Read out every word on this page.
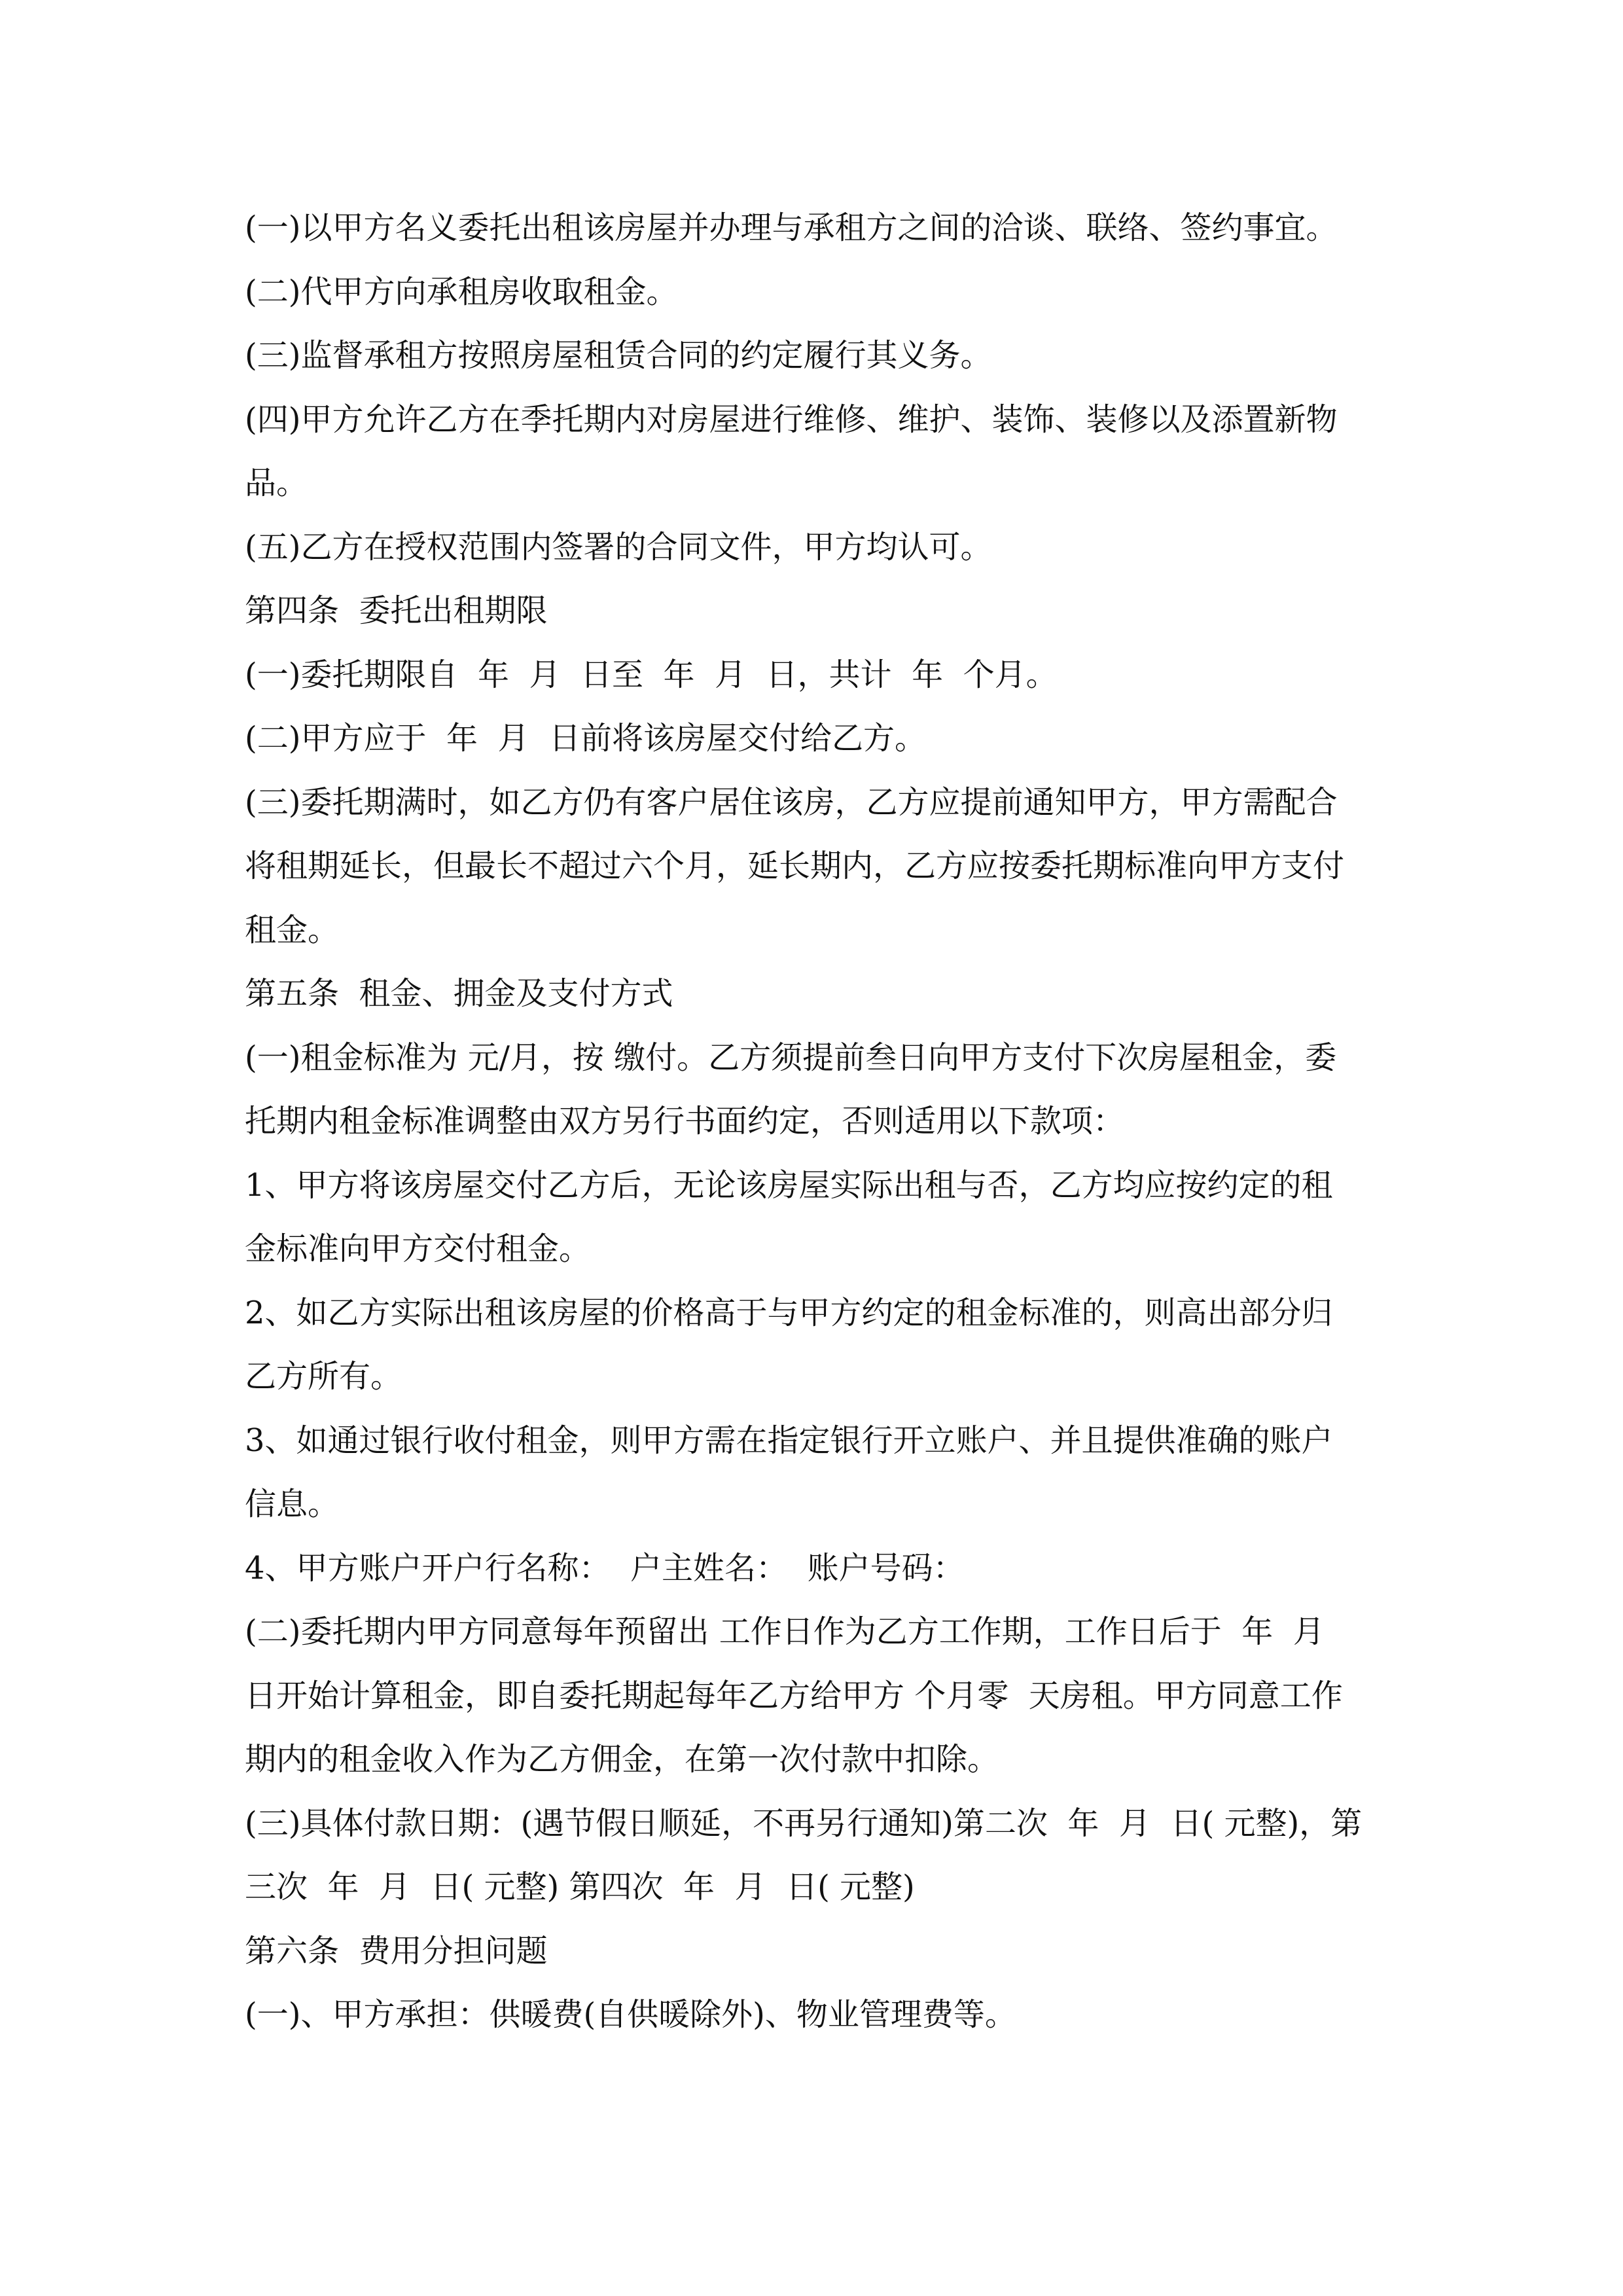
(一)以甲方名义委托出租该房屋并办理与承租方之间的洽谈、联络、签约事宜。
(二)代甲方向承租房收取租金。
(三)监督承租方按照房屋租赁合同的约定履行其义务。
(四)甲方允许乙方在季托期内对房屋进行维修、维护、装饰、装修以及添置新物
品。
(五)乙方在授权范围内签署的合同文件，甲方均认可。
第四条  委托出租期限
(一)委托期限自  年  月  日至  年  月  日，共计  年  个月。
(二)甲方应于  年  月  日前将该房屋交付给乙方。
(三)委托期满时，如乙方仍有客户居住该房，乙方应提前通知甲方，甲方需配合
将租期延长，但最长不超过六个月，延长期内，乙方应按委托期标准向甲方支付
租金。
第五条  租金、拥金及支付方式
(一)租金标准为 元/月，按 缴付。乙方须提前叁日向甲方支付下次房屋租金，委
托期内租金标准调整由双方另行书面约定，否则适用以下款项：
1、甲方将该房屋交付乙方后，无论该房屋实际出租与否，乙方均应按约定的租
金标准向甲方交付租金。
2、如乙方实际出租该房屋的价格高于与甲方约定的租金标准的，则高出部分归
乙方所有。
3、如通过银行收付租金，则甲方需在指定银行开立账户、并且提供准确的账户
信息。
4、甲方账户开户行名称：  户主姓名：  账户号码：
(二)委托期内甲方同意每年预留出 工作日作为乙方工作期，工作日后于  年  月
日开始计算租金，即自委托期起每年乙方给甲方 个月零  天房租。甲方同意工作
期内的租金收入作为乙方佣金，在第一次付款中扣除。
(三)具体付款日期：(遇节假日顺延，不再另行通知)第二次  年  月  日( 元整)，第
三次  年  月  日( 元整) 第四次  年  月  日( 元整)
第六条  费用分担问题
(一)、甲方承担：供暖费(自供暖除外)、物业管理费等。
